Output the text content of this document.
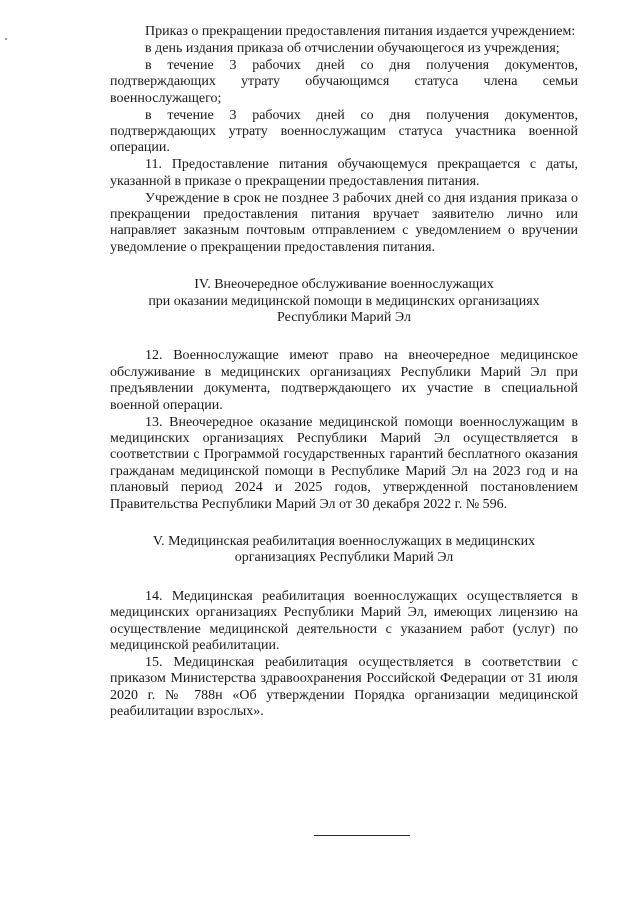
Приказ о прекращении предоставления питания издается учреждением:

в день издания приказа об отчислении обучающегося из учреждения;

в течение 3 рабочих дней со дня получения документов, подтверждающих утрату обучающимся статуса члена семьи военнослужащего;

в течение 3 рабочих дней со дня получения документов, подтверждающих утрату военнослужащим статуса участника военной операции.

11. Предоставление питания обучающемуся прекращается с даты, указанной в приказе о прекращении предоставления питания.

Учреждение в срок не позднее 3 рабочих дней со дня издания приказа о прекращении предоставления питания вручает заявителю лично или направляет заказным почтовым отправлением с уведомлением о вручении уведомление о прекращении предоставления питания.

IV. Внеочередное обслуживание военнослужащих
при оказании медицинской помощи в медицинских организациях
Республики Марий Эл

12. Военнослужащие имеют право на внеочередное медицинское обслуживание в медицинских организациях Республики Марий Эл при предъявлении документа, подтверждающего их участие в специальной военной операции.

13. Внеочередное оказание медицинской помощи военнослужащим в медицинских организациях Республики Марий Эл осуществляется в соответствии с Программой государственных гарантий бесплатного оказания гражданам медицинской помощи в Республике Марий Эл на 2023 год и на плановый период 2024 и 2025 годов, утвержденной постановлением Правительства Республики Марий Эл от 30 декабря 2022 г. № 596.

V. Медицинская реабилитация военнослужащих в медицинских
организациях Республики Марий Эл

14. Медицинская реабилитация военнослужащих осуществляется в медицинских организациях Республики Марий Эл, имеющих лицензию на осуществление медицинской деятельности с указанием работ (услуг) по медицинской реабилитации.

15. Медицинская реабилитация осуществляется в соответствии с приказом Министерства здравоохранения Российской Федерации от 31 июля 2020 г. № 788н «Об утверждении Порядка организации медицинской реабилитации взрослых».
